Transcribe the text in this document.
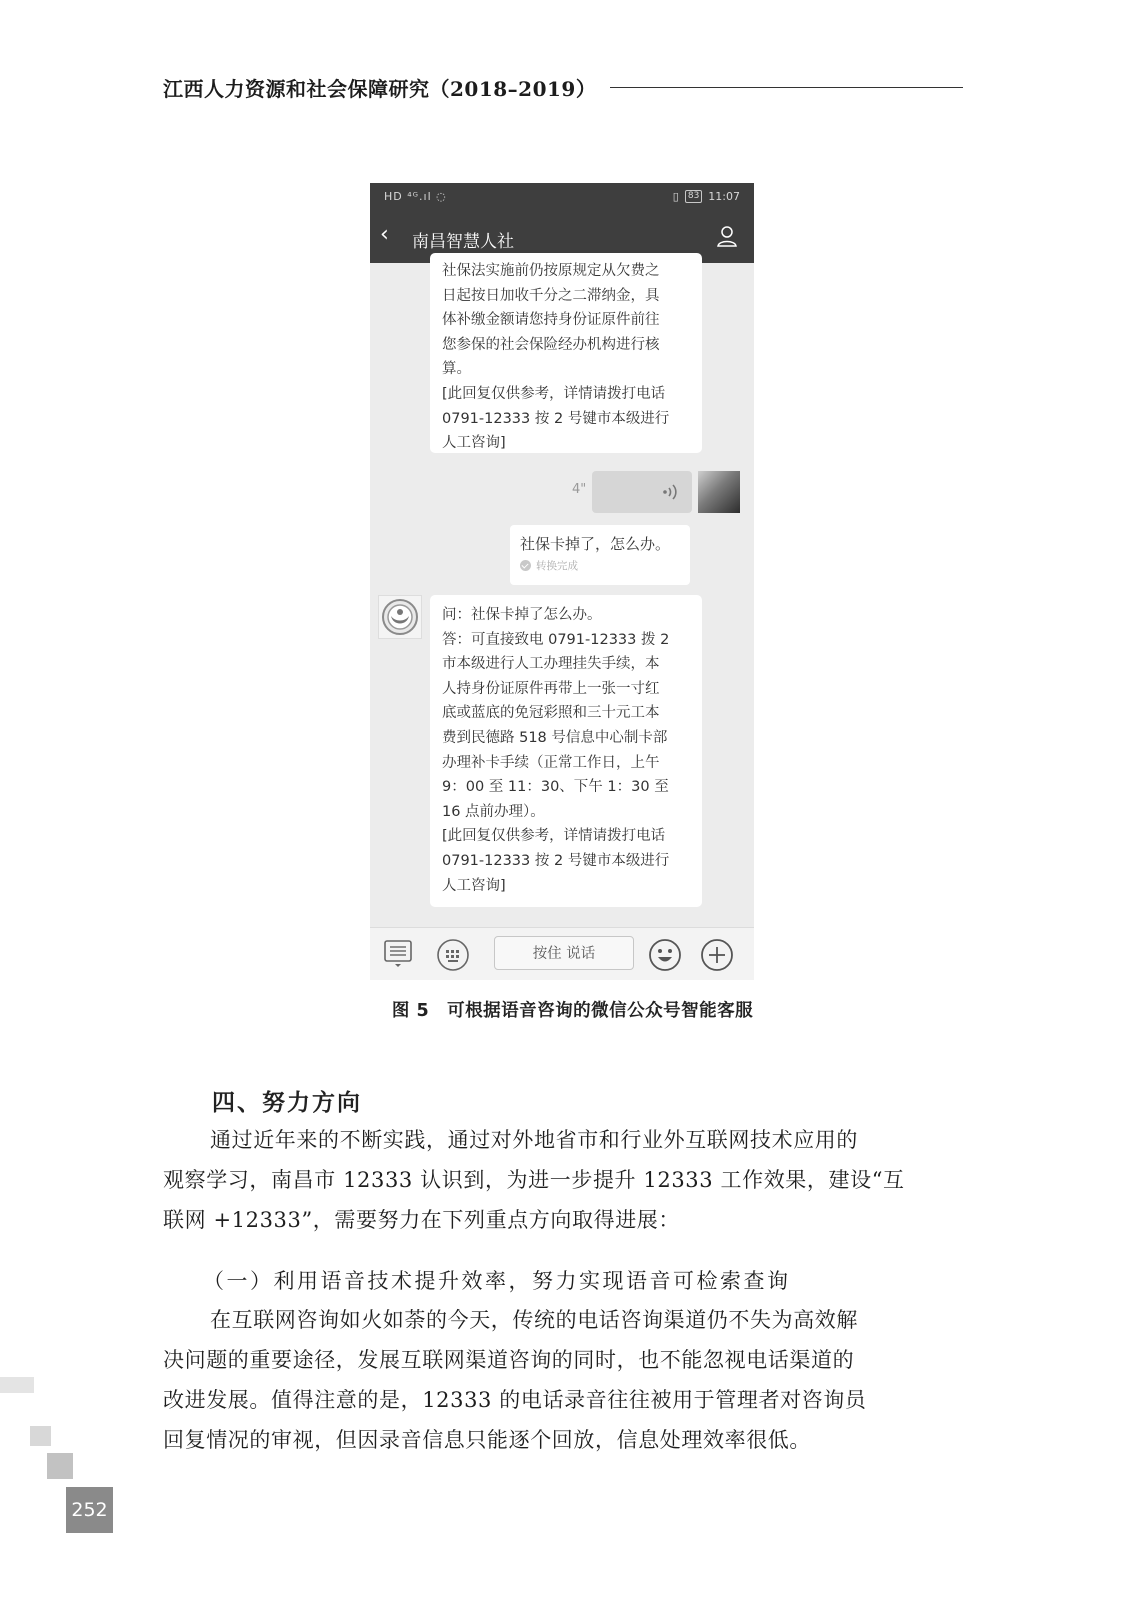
江西人力资源和社会保障研究（2018–2019）
HD ⁴ᴳ.ıl ◌	▯	83 11:07
‹ 南昌智慧人社

社保法实施前仍按原规定从欠费之
日起按日加收千分之二滞纳金，具
体补缴金额请您持身份证原件前往
您参保的社会保险经办机构进行核
算。
[此回复仅供参考，详情请拨打电话
0791-12333 按 2 号键市本级进行
人工咨询]

4"
社保卡掉了，怎么办。
转换完成

问：社保卡掉了怎么办。
答：可直接致电 0791-12333 拨 2
市本级进行人工办理挂失手续，本
人持身份证原件再带上一张一寸红
底或蓝底的免冠彩照和三十元工本
费到民德路 518 号信息中心制卡部
办理补卡手续（正常工作日，上午
9：00 至 11：30、下午 1：30 至
16 点前办理）。
[此回复仅供参考，详情请拨打电话
0791-12333 按 2 号键市本级进行
人工咨询]

按住 说话
图 5 可根据语音咨询的微信公众号智能客服
四、努力方向
通过近年来的不断实践，通过对外地省市和行业外互联网技术应用的
观察学习，南昌市 12333 认识到，为进一步提升 12333 工作效果，建设“互
联网 +12333”，需要努力在下列重点方向取得进展：
（一）利用语音技术提升效率，努力实现语音可检索查询
在互联网咨询如火如荼的今天，传统的电话咨询渠道仍不失为高效解
决问题的重要途径，发展互联网渠道咨询的同时，也不能忽视电话渠道的
改进发展。值得注意的是，12333 的电话录音往往被用于管理者对咨询员
回复情况的审视，但因录音信息只能逐个回放，信息处理效率很低。
252
